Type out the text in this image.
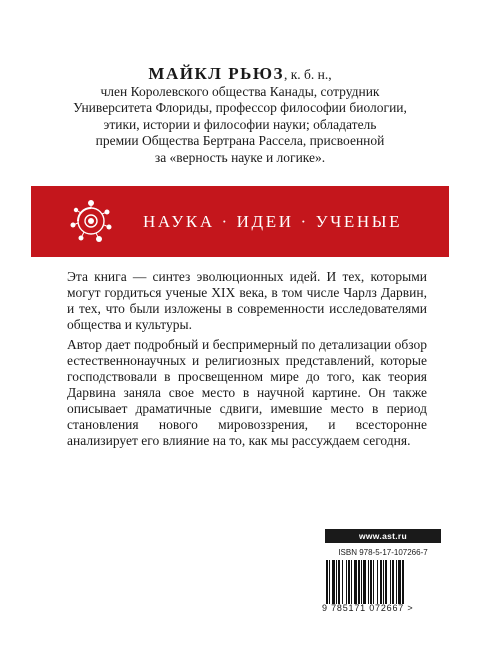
МАЙКЛ РЬЮЗ, к. б. н.,
член Королевского общества Канады, сотрудник
Университета Флориды, профессор философии биологии,
этики, истории и философии науки; обладатель
премии Общества Бертрана Рассела, присвоенной
за «верность науке и логике».
НАУКА · ИДЕИ · УЧЕНЫЕ

Эта книга — синтез эволюционных идей. И тех, которыми могут гордиться ученые XIX века, в том числе Чарлз Дарвин, и тех, что были изложены в современности исследователями общества и культуры.

Автор дает подробный и беспримерный по детализации обзор естественнонаучных и религиозных представлений, которые господствовали в просвещенном мире до того, как теория Дарвина заняла свое место в научной картине. Он также описывает драматичные сдвиги, имевшие место в период становления нового мировоззрения, и всесторонне анализирует его влияние на то, как мы рассуждаем сегодня.

www.ast.ru
ISBN 978-5-17-107266-7
9 785171 072667 >
